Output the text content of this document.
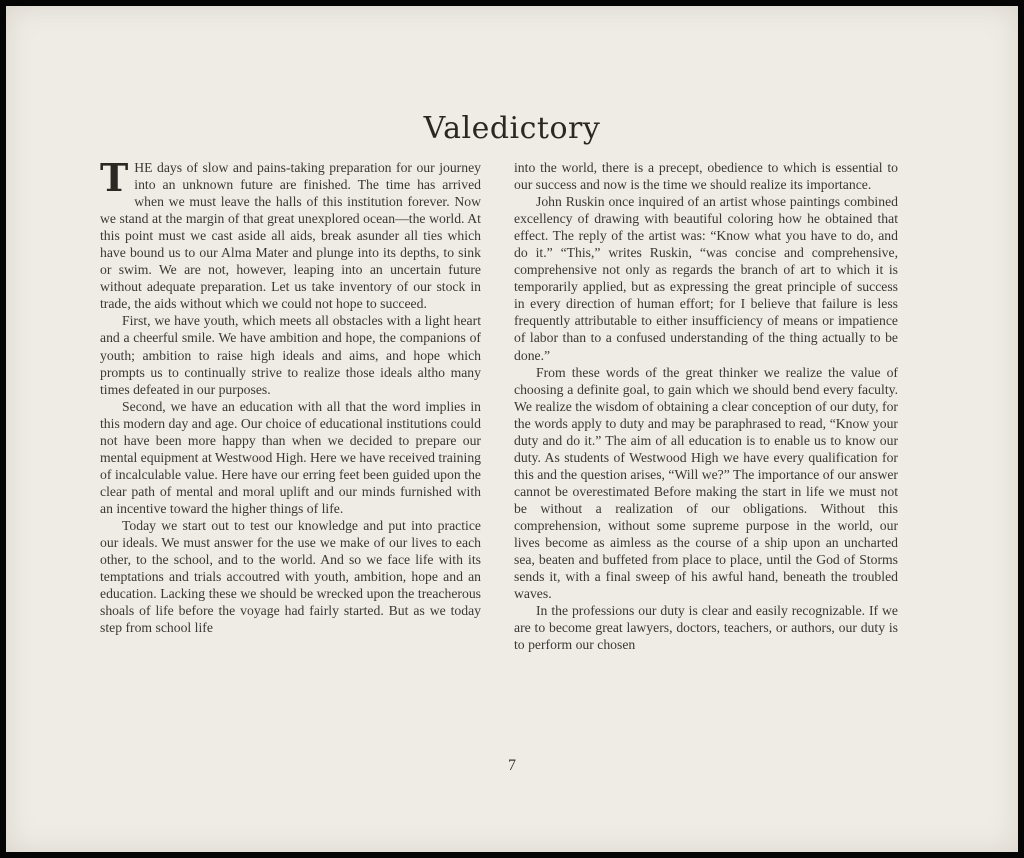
Valedictory

THE days of slow and pains-taking preparation for our journey into an unknown future are finished. The time has arrived when we must leave the halls of this institution forever. Now we stand at the margin of that great unexplored ocean—the world. At this point must we cast aside all aids, break asunder all ties which have bound us to our Alma Mater and plunge into its depths, to sink or swim. We are not, however, leaping into an uncertain future without adequate preparation. Let us take inventory of our stock in trade, the aids without which we could not hope to succeed.

First, we have youth, which meets all obstacles with a light heart and a cheerful smile. We have ambition and hope, the companions of youth; ambition to raise high ideals and aims, and hope which prompts us to continually strive to realize those ideals altho many times defeated in our purposes.

Second, we have an education with all that the word implies in this modern day and age. Our choice of educational institutions could not have been more happy than when we decided to prepare our mental equipment at Westwood High. Here we have received training of incalculable value. Here have our erring feet been guided upon the clear path of mental and moral uplift and our minds furnished with an incentive toward the higher things of life.

Today we start out to test our knowledge and put into practice our ideals. We must answer for the use we make of our lives to each other, to the school, and to the world. And so we face life with its temptations and trials accoutred with youth, ambition, hope and an education. Lacking these we should be wrecked upon the treacherous shoals of life before the voyage had fairly started. But as we today step from school life

into the world, there is a precept, obedience to which is essential to our success and now is the time we should realize its importance.

John Ruskin once inquired of an artist whose paintings combined excellency of drawing with beautiful coloring how he obtained that effect. The reply of the artist was: “Know what you have to do, and do it.” “This,” writes Ruskin, “was concise and comprehensive, comprehensive not only as regards the branch of art to which it is temporarily applied, but as expressing the great principle of success in every direction of human effort; for I believe that failure is less frequently attributable to either insufficiency of means or impatience of labor than to a confused understanding of the thing actually to be done.”

From these words of the great thinker we realize the value of choosing a definite goal, to gain which we should bend every faculty. We realize the wisdom of obtaining a clear conception of our duty, for the words apply to duty and may be paraphrased to read, “Know your duty and do it.” The aim of all education is to enable us to know our duty. As students of Westwood High we have every qualification for this and the question arises, “Will we?” The importance of our answer cannot be overestimated Before making the start in life we must not be without a realization of our obligations. Without this comprehension, without some supreme purpose in the world, our lives become as aimless as the course of a ship upon an uncharted sea, beaten and buffeted from place to place, until the God of Storms sends it, with a final sweep of his awful hand, beneath the troubled waves.

In the professions our duty is clear and easily recognizable. If we are to become great lawyers, doctors, teachers, or authors, our duty is to perform our chosen

7
